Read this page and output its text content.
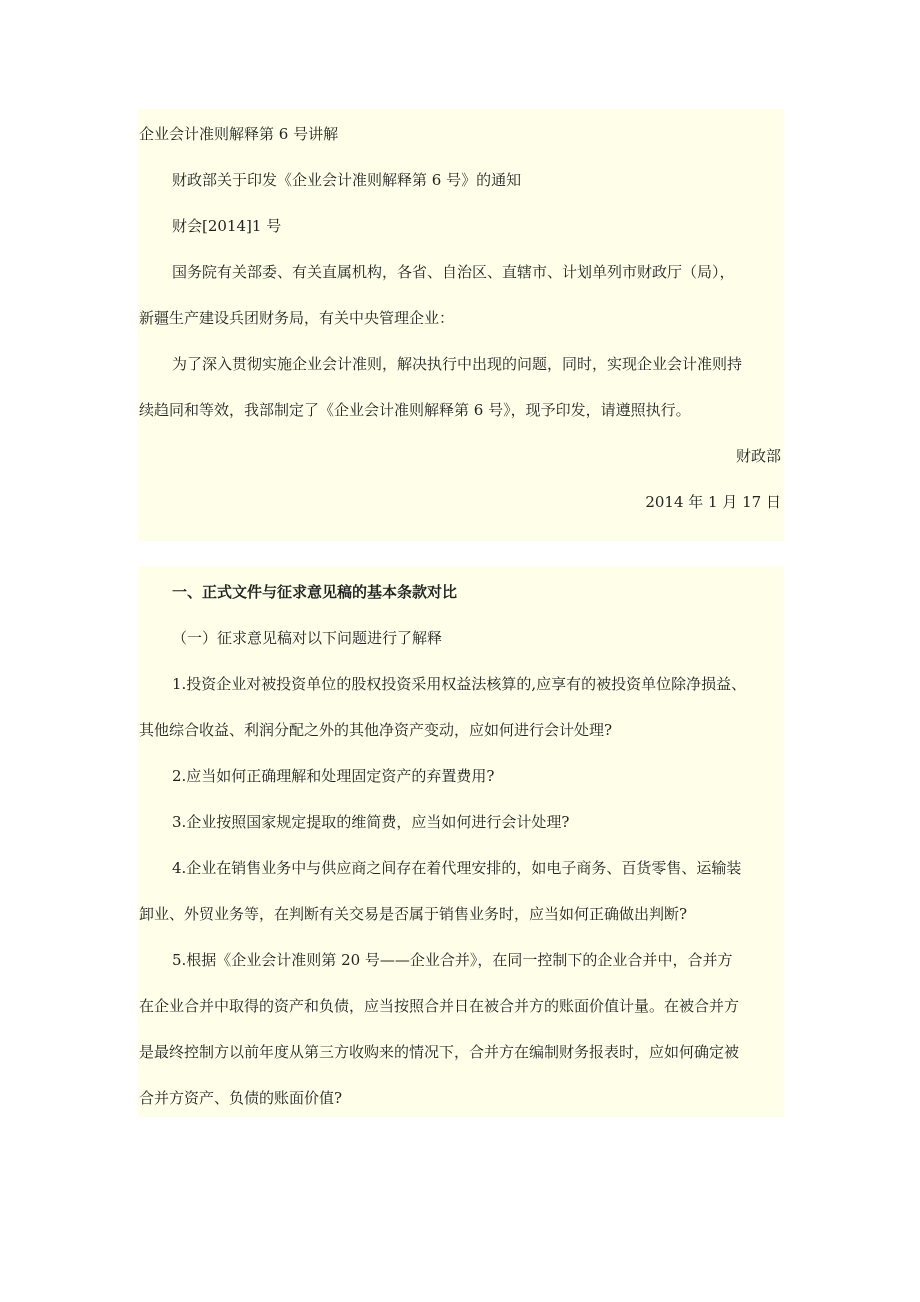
企业会计准则解释第 6 号讲解
财政部关于印发《企业会计准则解释第 6 号》的通知
财会[2014]1 号
国务院有关部委、有关直属机构，各省、自治区、直辖市、计划单列市财政厅（局），
新疆生产建设兵团财务局，有关中央管理企业：
为了深入贯彻实施企业会计准则，解决执行中出现的问题，同时，实现企业会计准则持
续趋同和等效，我部制定了《企业会计准则解释第 6 号》，现予印发，请遵照执行。
财政部
2014 年 1 月 17 日
一、正式文件与征求意见稿的基本条款对比
（一）征求意见稿对以下问题进行了解释
1.投资企业对被投资单位的股权投资采用权益法核算的,应享有的被投资单位除净损益、
其他综合收益、利润分配之外的其他净资产变动，应如何进行会计处理?
2.应当如何正确理解和处理固定资产的弃置费用?
3.企业按照国家规定提取的维简费，应当如何进行会计处理?
4.企业在销售业务中与供应商之间存在着代理安排的，如电子商务、百货零售、运输装
卸业、外贸业务等，在判断有关交易是否属于销售业务时，应当如何正确做出判断?
5.根据《企业会计准则第 20 号——企业合并》，在同一控制下的企业合并中，合并方
在企业合并中取得的资产和负债，应当按照合并日在被合并方的账面价值计量。在被合并方
是最终控制方以前年度从第三方收购来的情况下，合并方在编制财务报表时，应如何确定被
合并方资产、负债的账面价值?
